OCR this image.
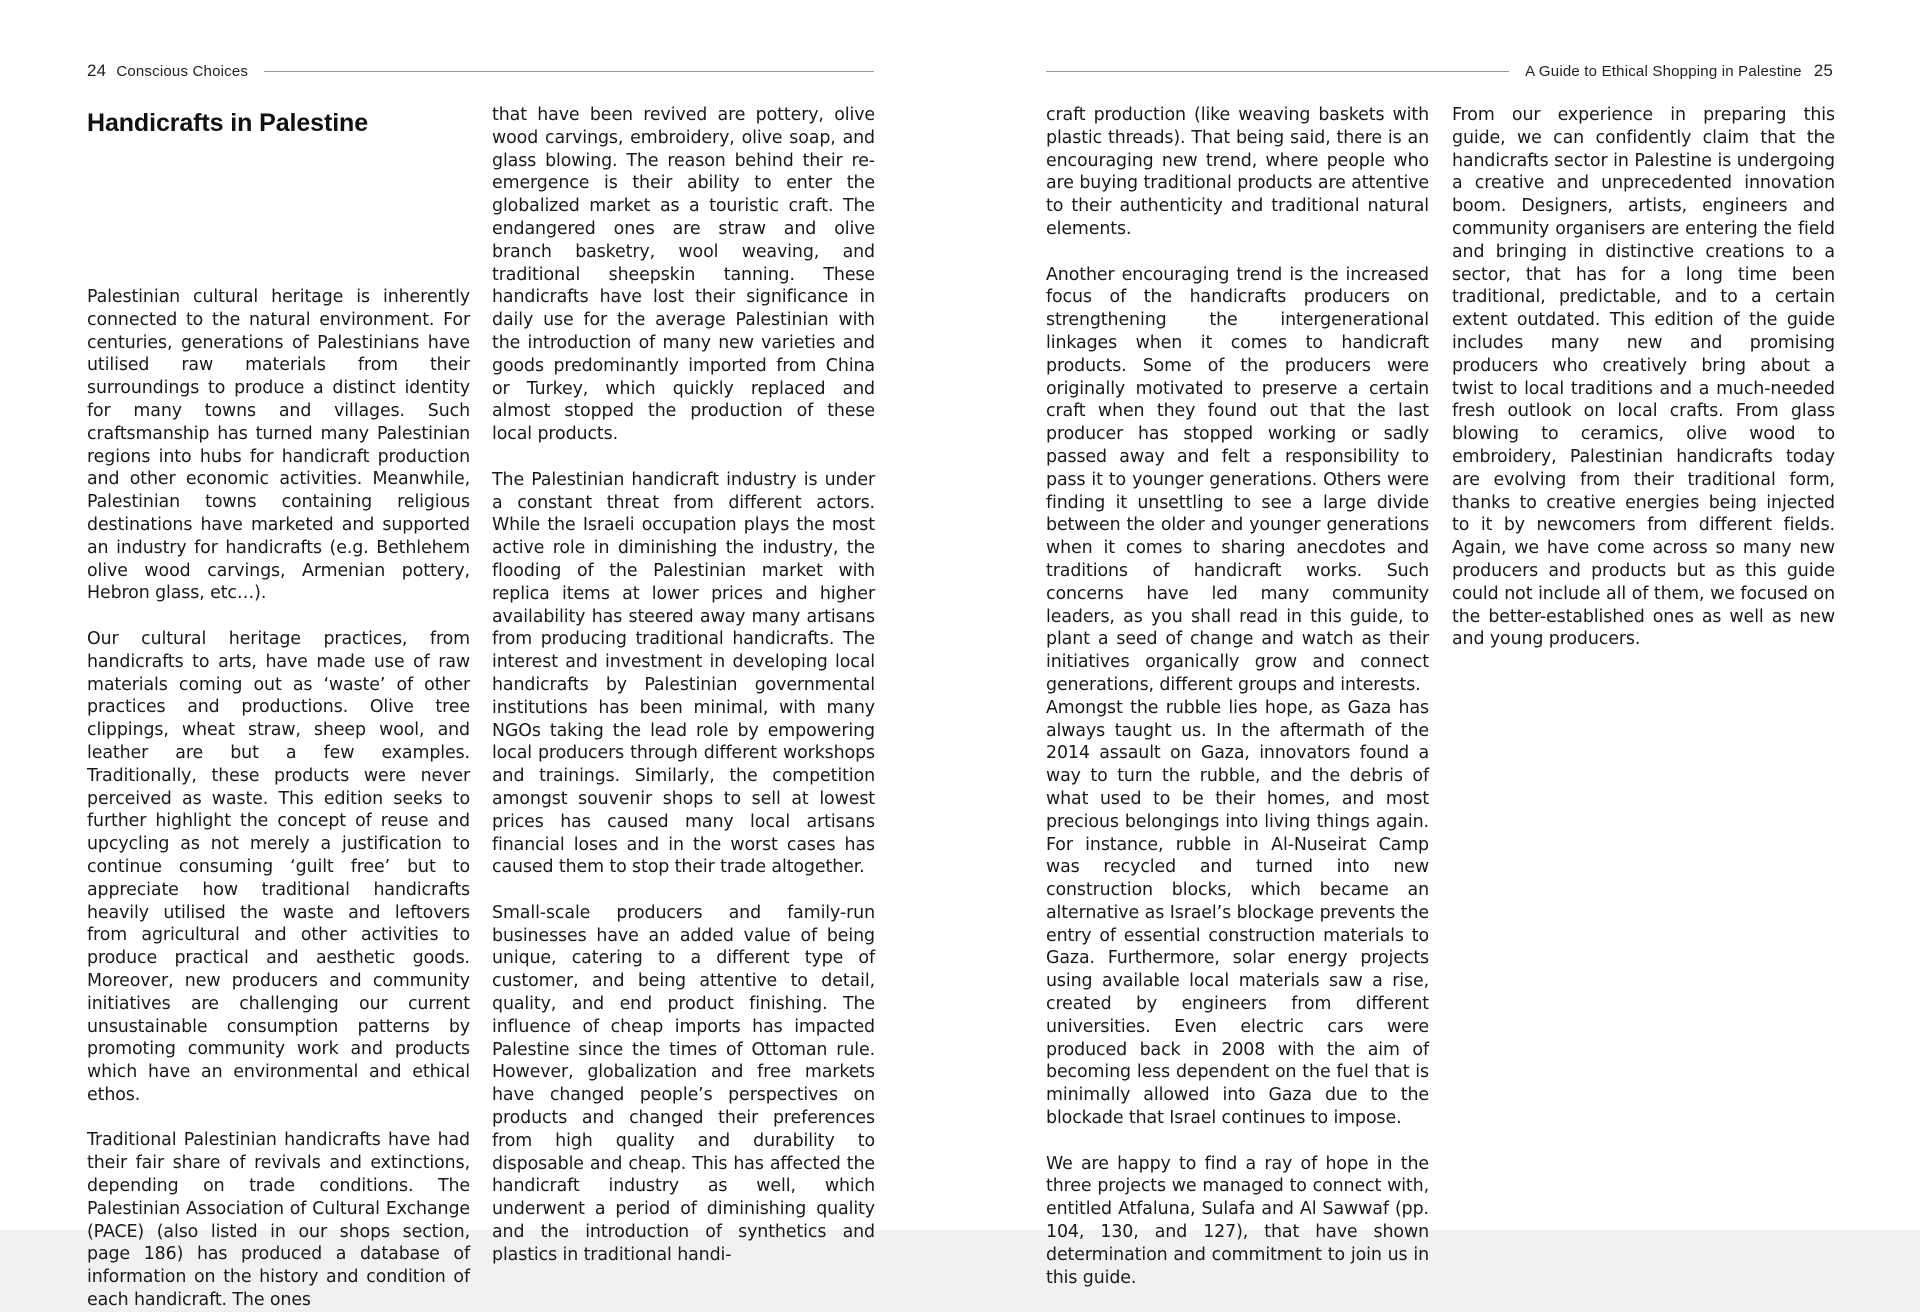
24 Conscious Choices	A Guide to Ethical Shopping in Palestine 25
Handicrafts in Palestine

Palestinian cultural heritage is inherently connected to the natural environment. For centuries, generations of Palestinians have utilised raw materials from their surroundings to produce a distinct identity for many towns and villages. Such craftsmanship has turned many Palestinian regions into hubs for handicraft production and other economic activities. Meanwhile, Palestinian towns containing religious destinations have marketed and supported an industry for handicrafts (e.g. Bethlehem olive wood carvings, Armenian pottery, Hebron glass, etc…).

Our cultural heritage practices, from handicrafts to arts, have made use of raw materials coming out as ‘waste’ of other practices and productions. Olive tree clippings, wheat straw, sheep wool, and leather are but a few examples. Traditionally, these products were never perceived as waste. This edition seeks to further highlight the concept of reuse and upcycling as not merely a justification to continue consuming ‘guilt free’ but to appreciate how traditional handicrafts heavily utilised the waste and leftovers from agricultural and other activities to produce practical and aesthetic goods. Moreover, new producers and community initiatives are challenging our current unsustainable consumption patterns by promoting community work and products which have an environmental and ethical ethos.

Traditional Palestinian handicrafts have had their fair share of revivals and extinctions, depending on trade conditions. The Palestinian Association of Cultural Exchange (PACE) (also listed in our shops section, page 186) has produced a database of information on the history and condition of each handicraft. The ones

that have been revived are pottery, olive wood carvings, embroidery, olive soap, and glass blowing. The reason behind their re-emergence is their ability to enter the globalized market as a touristic craft. The endangered ones are straw and olive branch basketry, wool weaving, and traditional sheepskin tanning. These handicrafts have lost their significance in daily use for the average Palestinian with the introduction of many new varieties and goods predominantly imported from China or Turkey, which quickly replaced and almost stopped the production of these local products.

The Palestinian handicraft industry is under a constant threat from different actors. While the Israeli occupation plays the most active role in diminishing the industry, the flooding of the Palestinian market with replica items at lower prices and higher availability has steered away many artisans from producing traditional handicrafts. The interest and investment in developing local handicrafts by Palestinian governmental institutions has been minimal, with many NGOs taking the lead role by empowering local producers through different workshops and trainings. Similarly, the competition amongst souvenir shops to sell at lowest prices has caused many local artisans financial loses and in the worst cases has caused them to stop their trade altogether.

Small-scale producers and family-run businesses have an added value of being unique, catering to a different type of customer, and being attentive to detail, quality, and end product finishing. The influence of cheap imports has impacted Palestine since the times of Ottoman rule. However, globalization and free markets have changed people’s perspectives on products and changed their preferences from high quality and durability to disposable and cheap. This has affected the handicraft industry as well, which underwent a period of diminishing quality and the introduction of synthetics and plastics in traditional handi-

craft production (like weaving baskets with plastic threads). That being said, there is an encouraging new trend, where people who are buying traditional products are attentive to their authenticity and traditional natural elements.

Another encouraging trend is the increased focus of the handicrafts producers on strengthening the intergenerational linkages when it comes to handicraft products. Some of the producers were originally motivated to preserve a certain craft when they found out that the last producer has stopped working or sadly passed away and felt a responsibility to pass it to younger generations. Others were finding it unsettling to see a large divide between the older and younger generations when it comes to sharing anecdotes and traditions of handicraft works. Such concerns have led many community leaders, as you shall read in this guide, to plant a seed of change and watch as their initiatives organically grow and connect generations, different groups and interests.

Amongst the rubble lies hope, as Gaza has always taught us. In the aftermath of the 2014 assault on Gaza, innovators found a way to turn the rubble, and the debris of what used to be their homes, and most precious belongings into living things again. For instance, rubble in Al-Nuseirat Camp was recycled and turned into new construction blocks, which became an alternative as Israel’s blockage prevents the entry of essential construction materials to Gaza. Furthermore, solar energy projects using available local materials saw a rise, created by engineers from different universities. Even electric cars were produced back in 2008 with the aim of becoming less dependent on the fuel that is minimally allowed into Gaza due to the blockade that Israel continues to impose.

We are happy to find a ray of hope in the three projects we managed to connect with, entitled Atfaluna, Sulafa and Al Sawwaf (pp. 104, 130, and 127), that have shown determination and commitment to join us in this guide.

From our experience in preparing this guide, we can confidently claim that the handicrafts sector in Palestine is undergoing a creative and unprecedented innovation boom. Designers, artists, engineers and community organisers are entering the field and bringing in distinctive creations to a sector, that has for a long time been traditional, predictable, and to a certain extent outdated. This edition of the guide includes many new and promising producers who creatively bring about a twist to local traditions and a much-needed fresh outlook on local crafts. From glass blowing to ceramics, olive wood to embroidery, Palestinian handicrafts today are evolving from their traditional form, thanks to creative energies being injected to it by newcomers from different fields. Again, we have come across so many new producers and products but as this guide could not include all of them, we focused on the better-established ones as well as new and young producers.
